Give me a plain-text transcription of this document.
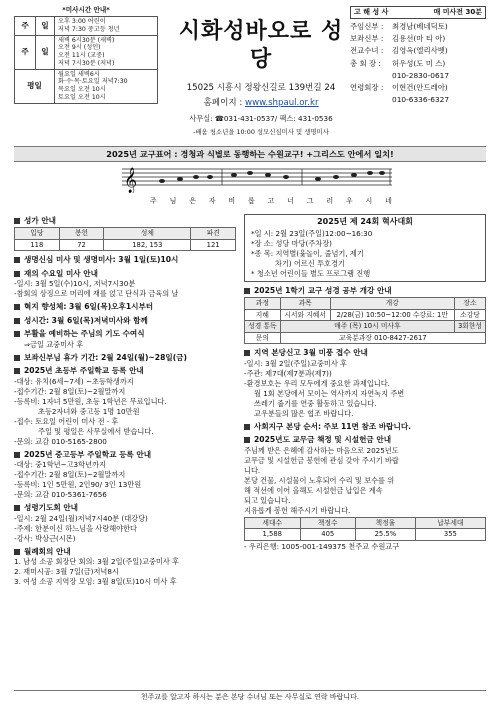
*미사시간 안내*		
주	일	오후 3:00 어린이
저녁 7:30 중고등 청년

주	일	새벽 6시30분 (새벽)
오전 9시 (성인)
오전 11시 (교중)
저녁 7시30분 (저녁)

평일		월요일 새벽6시
화·수·목·토요일 저녁7:30
목요일 오전 10시
토요일 오전 10시
시화성바오로 성당
15025 시흥시 정왕신길로 139번길 24
홈페이지 : www.shpaul.or.kr
사무실: ☎031-431-0537/ 팩스: 431-0536
-배움 청소년을 10:00 성모신심미사 및 생명미사
고 해 성 사	매 미사전 30분
주임신부 :	최경남(베네딕토)
보좌신부 :	김용선(마 티 아)
전교수녀 :	김영옥(엘리사벳)
총 회 장 :	허우성(도 미 스)
010-2830-0617
연령회장 :	이현건(안드레아)
010-6336-6327
2025년 교구표어 : 경청과 식별로 동행하는 수원교구! +그리스도 안에서 일치!
𝄞
주 님 은 자 비 롭 고 너 그 러 우 시 네
성가 안내
입당	봉헌	성체	파견
118	72	182, 153	121
생명신심 미사 및 생명미사: 3월 1일(토)10시
재의 수요일 미사 안내
-일시: 3월 5일(수)10시, 저녁7시30분
-참회의 상징으로 머리에 재를 얹고 단식과 금육의 날
혁지 향성체: 3월 6일(목)오후1시부터
성시간: 3월 6일(목)저녁미사와 함께
부활을 예비하는 주님의 기도 수여식
⇒금일 교중미사 후
보좌신부님 휴가 기간: 2월 24일(월)~28일(금)
2025년 초등부 주일학교 등록 안내
-대상: 유치(6세~7세) ~초등학생까지
-접수기간: 2월 8일(토)~2월말까지
-등록비: 1자녀 5만원, 초등 1학년은 무료입니다.
초등2자녀와 중고등 1명 10만원
-접수: 토요일 어린이 미사 전 · 후
주일 및 평일은 사무실에서 받습니다.
-문의: 교감 010-5165-2800
2025년 중고등부 주일학교 등록 안내
-대상: 중1학년~고3학년까지
-접수기간: 2월 8일(토)~2월말까지
-등록비: 1인 5만원, 2인90/ 3인 13만원
-문의: 교감 010-5361-7656
성령기도회 안내
-일시: 2월 24일(월)저녁7시40분 (대강당)
-주제: 한분이신 하느님을 사랑해야한다
-강사: 박상근(시몬)
월례회의 안내
1. 남성 소공 회장단 회의: 3월 2일(주일)교중미사 후
2. 재미시공: 3월 7일(금)저녁8시
3. 여성 소공 지역장 모임: 3월 8일(토)10시 미사 후
2025년 제 24회 혁사대회
*일 시: 2월 23일(주일)12:00~16:30
*장 소: 성당 마당(주차장)
*종 목: 지역별(윷놀이, 줄넘기, 제기
차기) 어르신 투호경기
* 청소년 어린이들 별도 프로그램 진행
2025년 1학기 교구 성경 공부 개강 안내
과정	과목	개강	장소
지혜	시서와 지혜서	2/28(금) 10:50~12:00 수강료: 1만	소강당
성경 통독	매주 (목) 10시 미사후		3회한성
문의	교육분과장 010-8427-2617		
지역 본당신고 3월 미풍 접수 안내
-일시: 3월 2일(주일)교중미사 후
-주관: 제7대(제7분과(제7))
-환경보호는 우리 모두에게 중요한 과제입니다.
월 1회 본당에서 모이는 역사까지 자연녹지 주변
쓰레기 줍기를 연중 활동하고 있습니다.
교우분들의 많은 협조 바랍니다.
사회지구 본당 순서: 주보 11면 참조 바랍니다.
2025년도 교무금 책정 및 시설헌금 안내
주님께 받은 은혜에 감사하는 마음으로 2025년도
교무금 및 시설헌금 봉헌에 관심 갖아 주시기 바랍
니다.
본당 건물, 시설물이 노후되어 수리 및 보수를 위
해 적선에 이어 올해도 시설헌금 납입은 계속
되고 있습니다.
지유롭게 봉헌 해주시기 바랍니다.
세대수	책정수	책정율	납부세대
1,588	405	25.5%	355
- 우리은행: 1005-001-149375 천주교 수원교구
천주교를 알고자 하시는 분은 본당 수녀님 또는 사무실로 연락 바랍니다.
